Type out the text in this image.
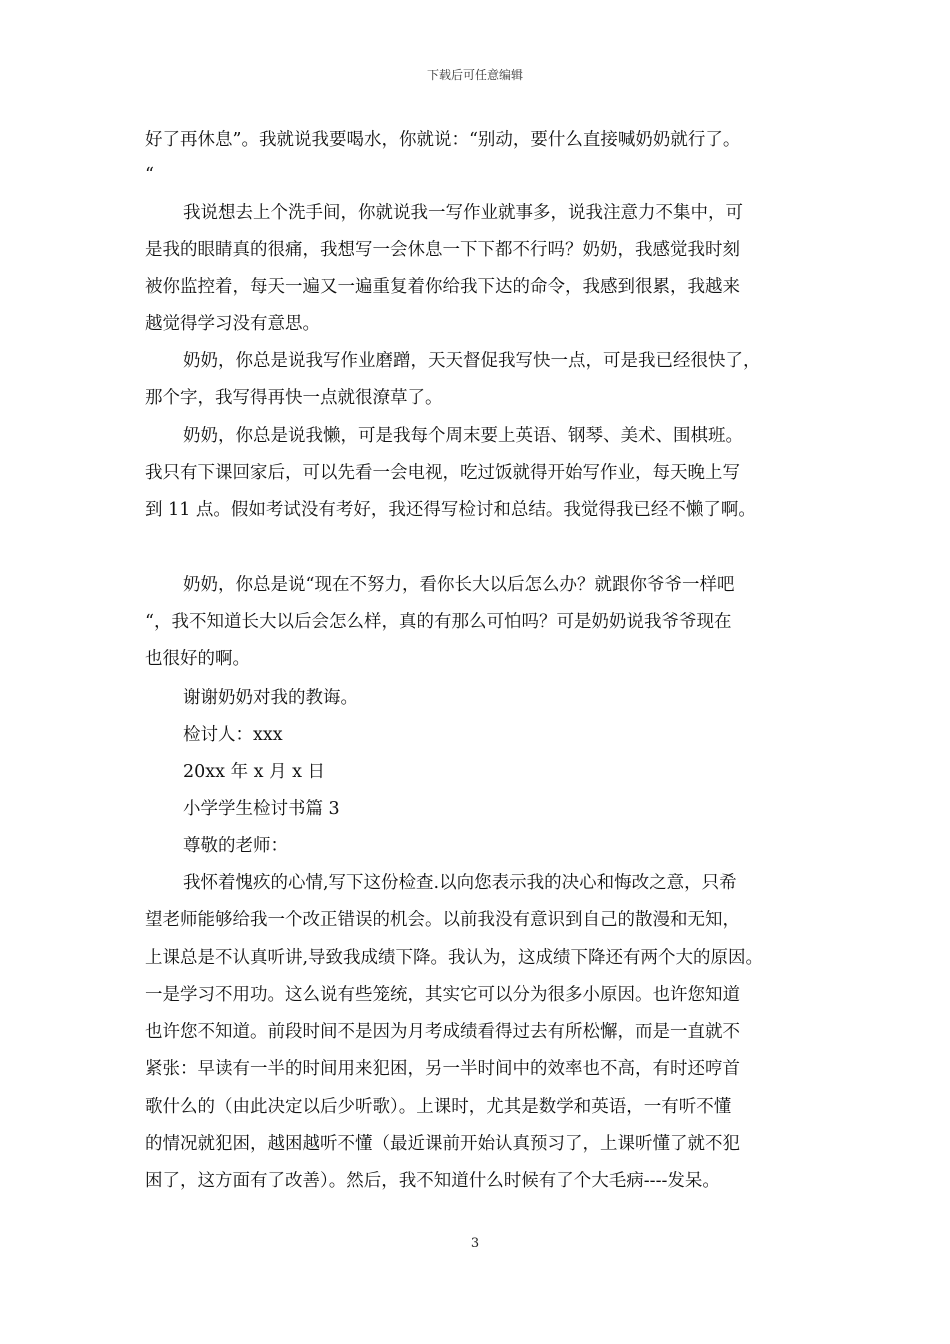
下载后可任意编辑
好了再休息”。我就说我要喝水，你就说：“别动，要什么直接喊奶奶就行了。
“
我说想去上个洗手间，你就说我一写作业就事多，说我注意力不集中，可
是我的眼睛真的很痛，我想写一会休息一下下都不行吗？奶奶，我感觉我时刻
被你监控着，每天一遍又一遍重复着你给我下达的命令，我感到很累，我越来
越觉得学习没有意思。
奶奶，你总是说我写作业磨蹭，天天督促我写快一点，可是我已经很快了，
那个字，我写得再快一点就很潦草了。
奶奶，你总是说我懒，可是我每个周末要上英语、钢琴、美术、围棋班。
我只有下课回家后，可以先看一会电视，吃过饭就得开始写作业，每天晚上写
到 11 点。假如考试没有考好，我还得写检讨和总结。我觉得我已经不懒了啊。
奶奶，你总是说“现在不努力，看你长大以后怎么办？就跟你爷爷一样吧
“，我不知道长大以后会怎么样，真的有那么可怕吗？可是奶奶说我爷爷现在
也很好的啊。
谢谢奶奶对我的教诲。
检讨人：xxx
20xx 年 x 月 x 日
小学学生检讨书篇 3
尊敬的老师：
我怀着愧疚的心情,写下这份检查.以向您表示我的决心和悔改之意，只希
望老师能够给我一个改正错误的机会。以前我没有意识到自己的散漫和无知，
上课总是不认真听讲,导致我成绩下降。我认为，这成绩下降还有两个大的原因。
一是学习不用功。这么说有些笼统，其实它可以分为很多小原因。也许您知道
也许您不知道。前段时间不是因为月考成绩看得过去有所松懈，而是一直就不
紧张：早读有一半的时间用来犯困，另一半时间中的效率也不高，有时还哼首
歌什么的（由此决定以后少听歌）。上课时，尤其是数学和英语，一有听不懂
的情况就犯困，越困越听不懂（最近课前开始认真预习了，上课听懂了就不犯
困了，这方面有了改善）。然后，我不知道什么时候有了个大毛病----发呆。
3
